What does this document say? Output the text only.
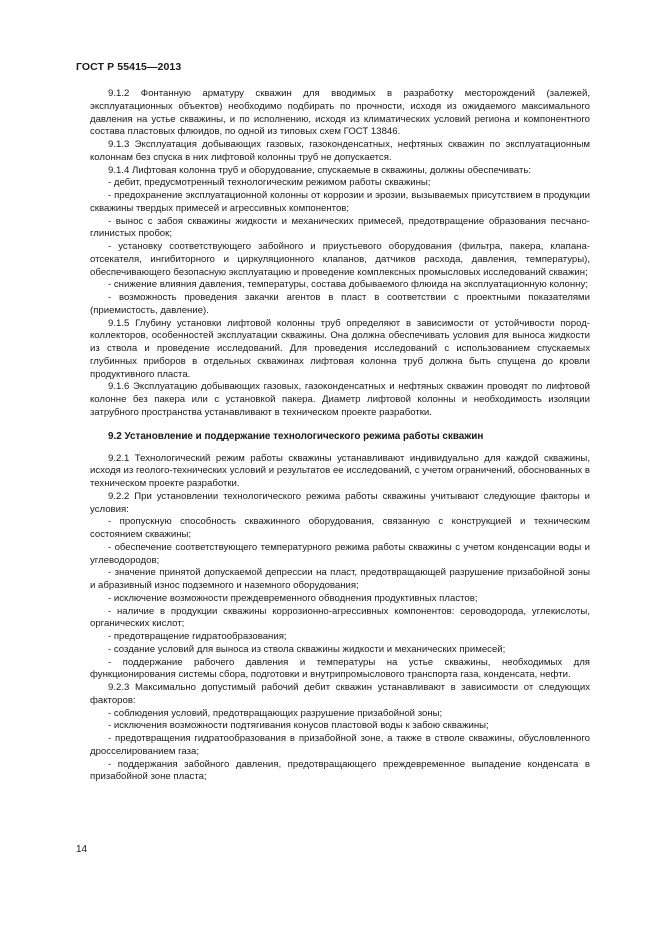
ГОСТ Р 55415—2013

9.1.2 Фонтанную арматуру скважин для вводимых в разработку месторождений (залежей, эксплуатационных объектов) необходимо подбирать по прочности, исходя из ожидаемого максимального давления на устье скважины, и по исполнению, исходя из климатических условий региона и компонентного состава пластовых флюидов, по одной из типовых схем ГОСТ 13846.

9.1.3 Эксплуатация добывающих газовых, газоконденсатных, нефтяных скважин по эксплуатационным колоннам без спуска в них лифтовой колонны труб не допускается.

9.1.4 Лифтовая колонна труб и оборудование, спускаемые в скважины, должны обеспечивать:

- дебит, предусмотренный технологическим режимом работы скважины;

- предохранение эксплуатационной колонны от коррозии и эрозии, вызываемых присутствием в продукции скважины твердых примесей и агрессивных компонентов;

- вынос с забоя скважины жидкости и механических примесей, предотвращение образования песчано-глинистых пробок;

- установку соответствующего забойного и приустьевого оборудования (фильтра, пакера, клапана-отсекателя, ингибиторного и циркуляционного клапанов, датчиков расхода, давления, температуры), обеспечивающего безопасную эксплуатацию и проведение комплексных промысловых исследований скважин;

- снижение влияния давления, температуры, состава добываемого флюида на эксплуатационную колонну;

- возможность проведения закачки агентов в пласт в соответствии с проектными показателями (приемистость, давление).

9.1.5 Глубину установки лифтовой колонны труб определяют в зависимости от устойчивости пород-коллекторов, особенностей эксплуатации скважины. Она должна обеспечивать условия для выноса жидкости из ствола и проведение исследований. Для проведения исследований с использованием спускаемых глубинных приборов в отдельных скважинах лифтовая колонна труб должна быть спущена до кровли продуктивного пласта.

9.1.6 Эксплуатацию добывающих газовых, газоконденсатных и нефтяных скважин проводят по лифтовой колонне без пакера или с установкой пакера. Диаметр лифтовой колонны и необходимость изоляции затрубного пространства устанавливают в техническом проекте разработки.

9.2 Установление и поддержание технологического режима работы скважин

9.2.1 Технологический режим работы скважины устанавливают индивидуально для каждой скважины, исходя из геолого-технических условий и результатов ее исследований, с учетом ограничений, обоснованных в техническом проекте разработки.

9.2.2 При установлении технологического режима работы скважины учитывают следующие факторы и условия:

- пропускную способность скважинного оборудования, связанную с конструкцией и техническим состоянием скважины;

- обеспечение соответствующего температурного режима работы скважины с учетом конденсации воды и углеводородов;

- значение принятой допускаемой депрессии на пласт, предотвращающей разрушение призабойной зоны и абразивный износ подземного и наземного оборудования;

- исключение возможности преждевременного обводнения продуктивных пластов;

- наличие в продукции скважины коррозионно-агрессивных компонентов: сероводорода, углекислоты, органических кислот;

- предотвращение гидратообразования;

- создание условий для выноса из ствола скважины жидкости и механических примесей;

- поддержание рабочего давления и температуры на устье скважины, необходимых для функционирования системы сбора, подготовки и внутрипромыслового транспорта газа, конденсата, нефти.

9.2.3 Максимально допустимый рабочий дебит скважин устанавливают в зависимости от следующих факторов:

- соблюдения условий, предотвращающих разрушение призабойной зоны;

- исключения возможности подтягивания конусов пластовой воды к забою скважины;

- предотвращения гидратообразования в призабойной зоне, а также в стволе скважины, обусловленного дросселированием газа;

- поддержания забойного давления, предотвращающего преждевременное выпадение конденсата в призабойной зоне пласта;

14
